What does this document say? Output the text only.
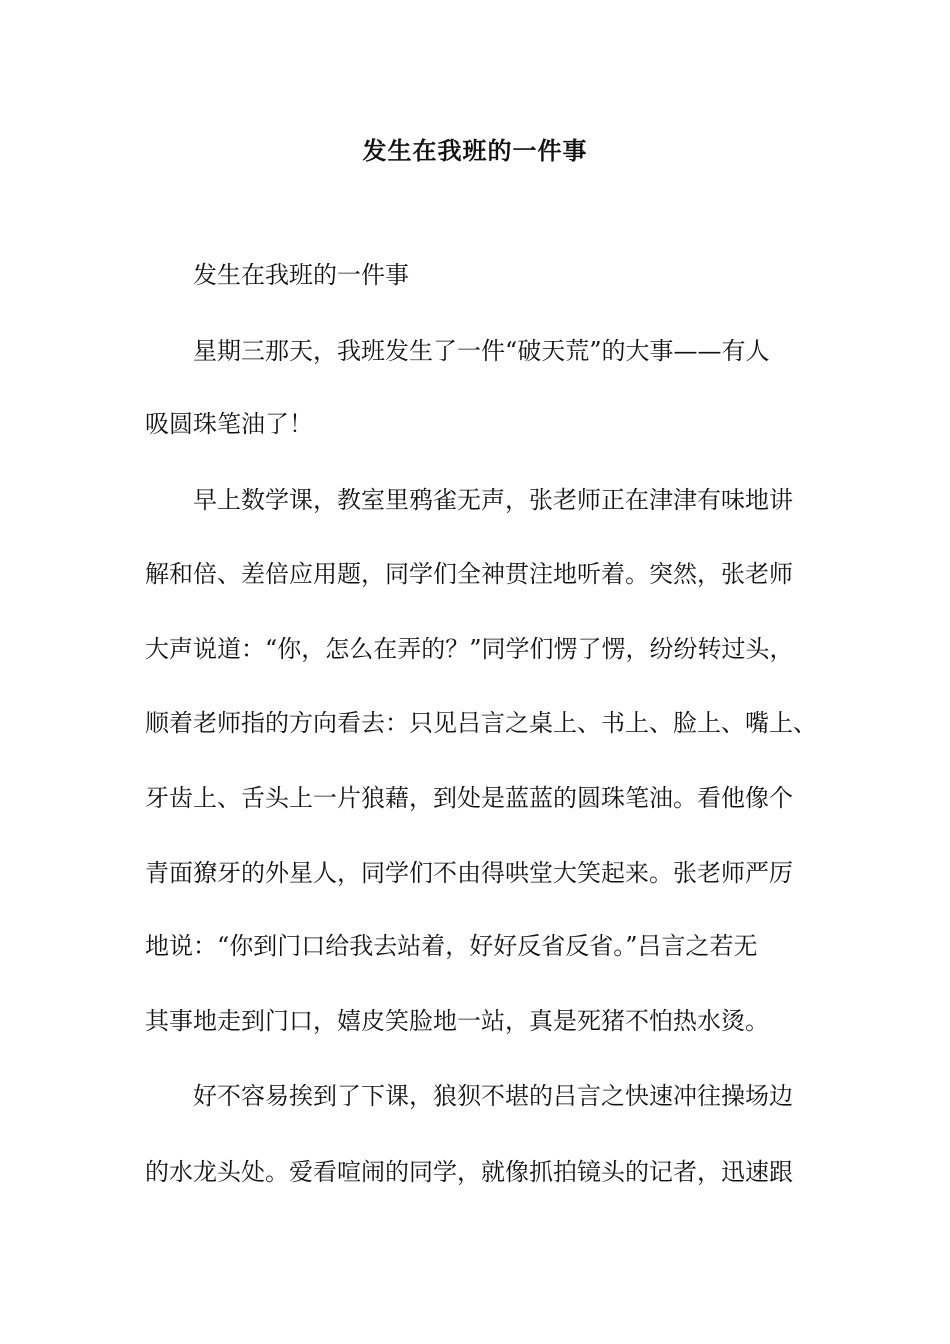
发生在我班的一件事

发生在我班的一件事

星期三那天，我班发生了一件“破天荒”的大事——有人

吸圆珠笔油了！

早上数学课，教室里鸦雀无声，张老师正在津津有味地讲

解和倍、差倍应用题，同学们全神贯注地听着。突然，张老师

大声说道：“你，怎么在弄的？”同学们愣了愣，纷纷转过头，

顺着老师指的方向看去：只见吕言之桌上、书上、脸上、嘴上、

牙齿上、舌头上一片狼藉，到处是蓝蓝的圆珠笔油。看他像个

青面獠牙的外星人，同学们不由得哄堂大笑起来。张老师严厉

地说：“你到门口给我去站着，好好反省反省。”吕言之若无

其事地走到门口，嬉皮笑脸地一站，真是死猪不怕热水烫。

好不容易挨到了下课，狼狈不堪的吕言之快速冲往操场边

的水龙头处。爱看喧闹的同学，就像抓拍镜头的记者，迅速跟
